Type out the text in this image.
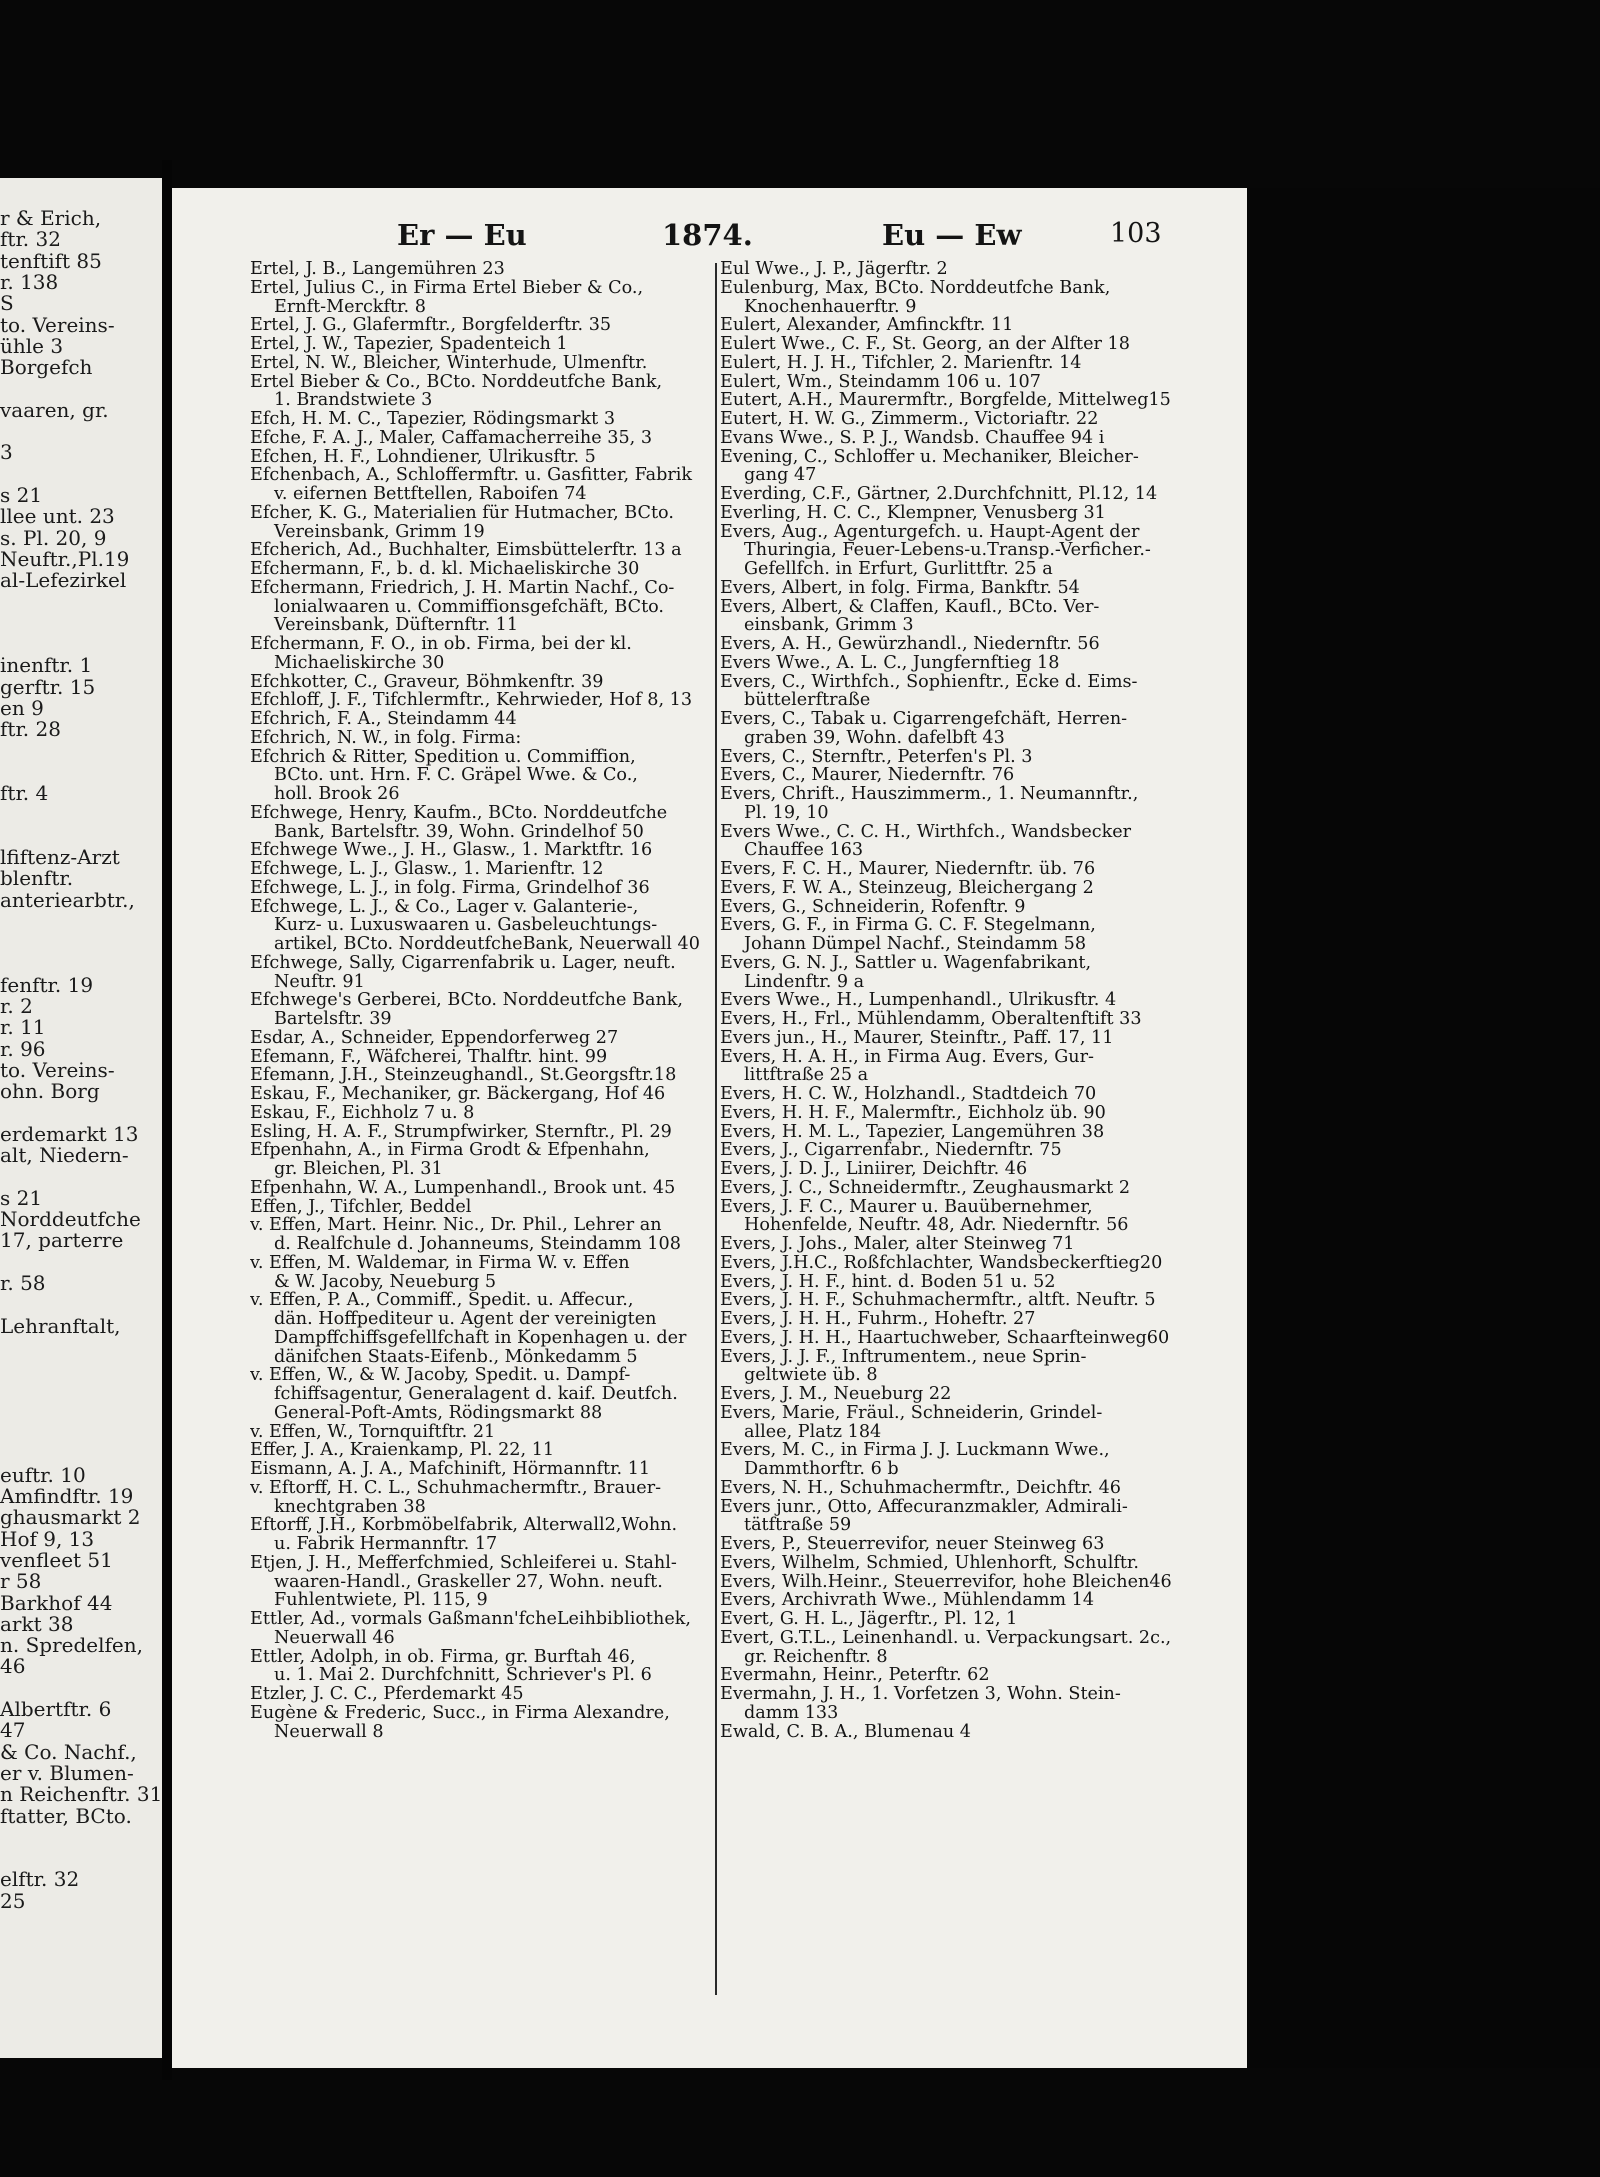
r & Erich,
ftr. 32
tenftift 85
r. 138
S
to. Vereins-
ühle 3
Borgefch
vaaren, gr.
3
s 21
llee unt. 23
s. Pl. 20, 9
Neuftr.,Pl.19
al-Lefezirkel
inenftr. 1
gerftr. 15
en 9
ftr. 28
ftr. 4
lfiftenz-Arzt
blenftr.
anteriearbtr.,
fenftr. 19
r. 2
r. 11
r. 96
to. Vereins-
ohn. Borg
erdemarkt 13
alt, Niedern-
s 21
Norddeutfche
17, parterre
r. 58
Lehranftalt,
euftr. 10
Amfindftr. 19
ghausmarkt 2
Hof 9, 13
venfleet 51
r 58
Barkhof 44
arkt 38
n. Spredelfen,
46
Albertftr. 6
47
& Co. Nachf.,
er v. Blumen-
n Reichenftr. 31
ftatter, BCto.
elftr. 32
25
Er — Eu	1874.	Eu — Ew	103
Ertel, J. B., Langemühren 23
Ertel, Julius C., in Firma Ertel Bieber & Co.,
Ernft-Merckftr. 8
Ertel, J. G., Glafermftr., Borgfelderftr. 35
Ertel, J. W., Tapezier, Spadenteich 1
Ertel, N. W., Bleicher, Winterhude, Ulmenftr.
Ertel Bieber & Co., BCto. Norddeutfche Bank,
1. Brandstwiete 3
Efch, H. M. C., Tapezier, Rödingsmarkt 3
Efche, F. A. J., Maler, Caffamacherreihe 35, 3
Efchen, H. F., Lohndiener, Ulrikusftr. 5
Efchenbach, A., Schloffermftr. u. Gasfitter, Fabrik
v. eifernen Bettftellen, Raboifen 74
Efcher, K. G., Materialien für Hutmacher, BCto.
Vereinsbank, Grimm 19
Efcherich, Ad., Buchhalter, Eimsbüttelerftr. 13 a
Efchermann, F., b. d. kl. Michaeliskirche 30
Efchermann, Friedrich, J. H. Martin Nachf., Co-
lonialwaaren u. Commiffionsgefchäft, BCto.
Vereinsbank, Düfternftr. 11
Efchermann, F. O., in ob. Firma, bei der kl.
Michaeliskirche 30
Efchkotter, C., Graveur, Böhmkenftr. 39
Efchloff, J. F., Tifchlermftr., Kehrwieder, Hof 8, 13
Efchrich, F. A., Steindamm 44
Efchrich, N. W., in folg. Firma:
Efchrich & Ritter, Spedition u. Commiffion,
BCto. unt. Hrn. F. C. Gräpel Wwe. & Co.,
holl. Brook 26
Efchwege, Henry, Kaufm., BCto. Norddeutfche
Bank, Bartelsftr. 39, Wohn. Grindelhof 50
Efchwege Wwe., J. H., Glasw., 1. Marktftr. 16
Efchwege, L. J., Glasw., 1. Marienftr. 12
Efchwege, L. J., in folg. Firma, Grindelhof 36
Efchwege, L. J., & Co., Lager v. Galanterie-,
Kurz- u. Luxuswaaren u. Gasbeleuchtungs-
artikel, BCto. NorddeutfcheBank, Neuerwall 40
Efchwege, Sally, Cigarrenfabrik u. Lager, neuft.
Neuftr. 91
Efchwege's Gerberei, BCto. Norddeutfche Bank,
Bartelsftr. 39
Esdar, A., Schneider, Eppendorferweg 27
Efemann, F., Wäfcherei, Thalftr. hint. 99
Efemann, J.H., Steinzeughandl., St.Georgsftr.18
Eskau, F., Mechaniker, gr. Bäckergang, Hof 46
Eskau, F., Eichholz 7 u. 8
Esling, H. A. F., Strumpfwirker, Sternftr., Pl. 29
Efpenhahn, A., in Firma Grodt & Efpenhahn,
gr. Bleichen, Pl. 31
Efpenhahn, W. A., Lumpenhandl., Brook unt. 45
Effen, J., Tifchler, Beddel
v. Effen, Mart. Heinr. Nic., Dr. Phil., Lehrer an
d. Realfchule d. Johanneums, Steindamm 108
v. Effen, M. Waldemar, in Firma W. v. Effen
& W. Jacoby, Neueburg 5
v. Effen, P. A., Commiff., Spedit. u. Affecur.,
dän. Hoffpediteur u. Agent der vereinigten
Dampffchiffsgefellfchaft in Kopenhagen u. der
dänifchen Staats-Eifenb., Mönkedamm 5
v. Effen, W., & W. Jacoby, Spedit. u. Dampf-
fchiffsagentur, Generalagent d. kaif. Deutfch.
General-Poft-Amts, Rödingsmarkt 88
v. Effen, W., Tornquiftftr. 21
Effer, J. A., Kraienkamp, Pl. 22, 11
Eismann, A. J. A., Mafchinift, Hörmannftr. 11
v. Eftorff, H. C. L., Schuhmachermftr., Brauer-
knechtgraben 38
Eftorff, J.H., Korbmöbelfabrik, Alterwall2,Wohn.
u. Fabrik Hermannftr. 17
Etjen, J. H., Mefferfchmied, Schleiferei u. Stahl-
waaren-Handl., Graskeller 27, Wohn. neuft.
Fuhlentwiete, Pl. 115, 9
Ettler, Ad., vormals Gaßmann'fcheLeihbibliothek,
Neuerwall 46
Ettler, Adolph, in ob. Firma, gr. Burftah 46,
u. 1. Mai 2. Durchfchnitt, Schriever's Pl. 6
Etzler, J. C. C., Pferdemarkt 45
Eugène & Frederic, Succ., in Firma Alexandre,
Neuerwall 8
Eul Wwe., J. P., Jägerftr. 2
Eulenburg, Max, BCto. Norddeutfche Bank,
Knochenhauerftr. 9
Eulert, Alexander, Amfinckftr. 11
Eulert Wwe., C. F., St. Georg, an der Alfter 18
Eulert, H. J. H., Tifchler, 2. Marienftr. 14
Eulert, Wm., Steindamm 106 u. 107
Eutert, A.H., Maurermftr., Borgfelde, Mittelweg15
Eutert, H. W. G., Zimmerm., Victoriaftr. 22
Evans Wwe., S. P. J., Wandsb. Chauffee 94 i
Evening, C., Schloffer u. Mechaniker, Bleicher-
gang 47
Everding, C.F., Gärtner, 2.Durchfchnitt, Pl.12, 14
Everling, H. C. C., Klempner, Venusberg 31
Evers, Aug., Agenturgefch. u. Haupt-Agent der
Thuringia, Feuer-Lebens-u.Transp.-Verficher.-
Gefellfch. in Erfurt, Gurlittftr. 25 a
Evers, Albert, in folg. Firma, Bankftr. 54
Evers, Albert, & Claffen, Kaufl., BCto. Ver-
einsbank, Grimm 3
Evers, A. H., Gewürzhandl., Niedernftr. 56
Evers Wwe., A. L. C., Jungfernftieg 18
Evers, C., Wirthfch., Sophienftr., Ecke d. Eims-
büttelerftraße
Evers, C., Tabak u. Cigarrengefchäft, Herren-
graben 39, Wohn. dafelbft 43
Evers, C., Sternftr., Peterfen's Pl. 3
Evers, C., Maurer, Niedernftr. 76
Evers, Chrift., Hauszimmerm., 1. Neumannftr.,
Pl. 19, 10
Evers Wwe., C. C. H., Wirthfch., Wandsbecker
Chauffee 163
Evers, F. C. H., Maurer, Niedernftr. üb. 76
Evers, F. W. A., Steinzeug, Bleichergang 2
Evers, G., Schneiderin, Rofenftr. 9
Evers, G. F., in Firma G. C. F. Stegelmann,
Johann Dümpel Nachf., Steindamm 58
Evers, G. N. J., Sattler u. Wagenfabrikant,
Lindenftr. 9 a
Evers Wwe., H., Lumpenhandl., Ulrikusftr. 4
Evers, H., Frl., Mühlendamm, Oberaltenftift 33
Evers jun., H., Maurer, Steinftr., Paff. 17, 11
Evers, H. A. H., in Firma Aug. Evers, Gur-
littftraße 25 a
Evers, H. C. W., Holzhandl., Stadtdeich 70
Evers, H. H. F., Malermftr., Eichholz üb. 90
Evers, H. M. L., Tapezier, Langemühren 38
Evers, J., Cigarrenfabr., Niedernftr. 75
Evers, J. D. J., Liniirer, Deichftr. 46
Evers, J. C., Schneidermftr., Zeughausmarkt 2
Evers, J. F. C., Maurer u. Bauübernehmer,
Hohenfelde, Neuftr. 48, Adr. Niedernftr. 56
Evers, J. Johs., Maler, alter Steinweg 71
Evers, J.H.C., Roßfchlachter, Wandsbeckerftieg20
Evers, J. H. F., hint. d. Boden 51 u. 52
Evers, J. H. F., Schuhmachermftr., altft. Neuftr. 5
Evers, J. H. H., Fuhrm., Hoheftr. 27
Evers, J. H. H., Haartuchweber, Schaarfteinweg60
Evers, J. J. F., Inftrumentem., neue Sprin-
geltwiete üb. 8
Evers, J. M., Neueburg 22
Evers, Marie, Fräul., Schneiderin, Grindel-
allee, Platz 184
Evers, M. C., in Firma J. J. Luckmann Wwe.,
Dammthorftr. 6 b
Evers, N. H., Schuhmachermftr., Deichftr. 46
Evers junr., Otto, Affecuranzmakler, Admirali-
tätftraße 59
Evers, P., Steuerrevifor, neuer Steinweg 63
Evers, Wilhelm, Schmied, Uhlenhorft, Schulftr.
Evers, Wilh.Heinr., Steuerrevifor, hohe Bleichen46
Evers, Archivrath Wwe., Mühlendamm 14
Evert, G. H. L., Jägerftr., Pl. 12, 1
Evert, G.T.L., Leinenhandl. u. Verpackungsart. 2c.,
gr. Reichenftr. 8
Evermahn, Heinr., Peterftr. 62
Evermahn, J. H., 1. Vorfetzen 3, Wohn. Stein-
damm 133
Ewald, C. B. A., Blumenau 4
